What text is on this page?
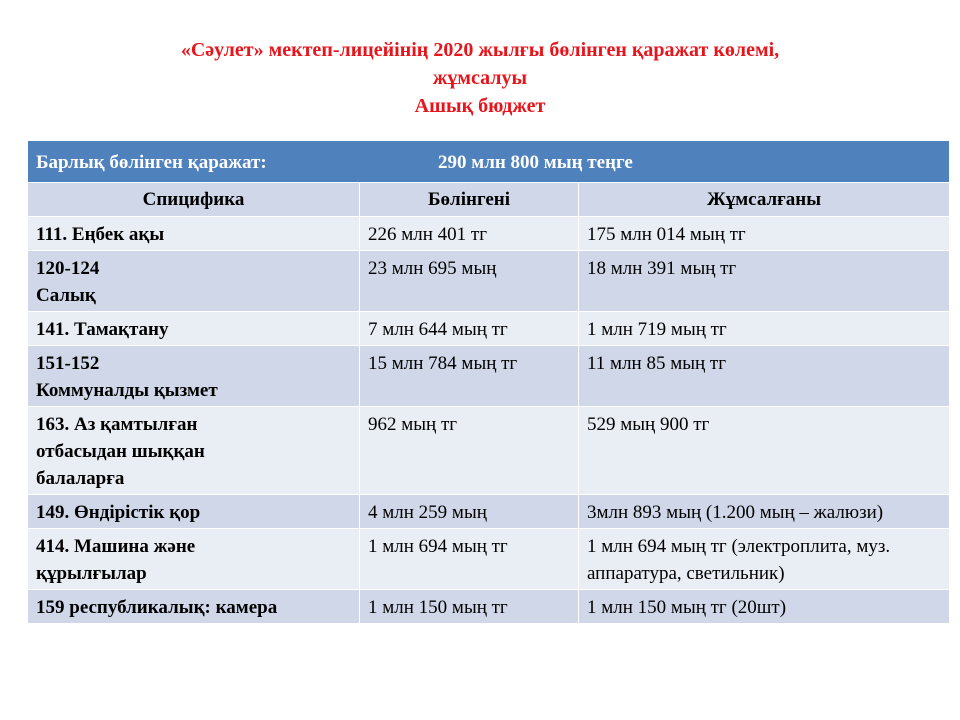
«Сәулет» мектеп-лицейінің 2020 жылғы бөлінген қаражат көлемі,
жұмсалуы
Ашық бюджет
Барлық бөлінген қаражат: 290 млн 800 мың теңге		
Спицифика	Бөлінгені	Жұмсалғаны
111. Еңбек ақы	226 млн 401 тг	175 млн 014 мың тг
120-124
Салық	23 млн 695 мың	18 млн 391 мың тг
141. Тамақтану	7 млн 644 мың тг	1 млн 719 мың тг
151-152
Коммуналды қызмет	15 млн 784 мың тг	11 млн 85 мың тг
163. Аз қамтылған
отбасыдан шыққан
балаларға	962 мың тг	529 мың 900 тг
149. Өндірістік қор	4 млн 259 мың	3млн 893 мың (1.200 мың – жалюзи)
414. Машина және
құрылғылар	1 млн 694 мың тг	1 млн 694 мың тг (электроплита, муз. аппаратура, светильник)
159 республикалық: камера	1 млн 150 мың тг	1 млн 150 мың тг (20шт)
